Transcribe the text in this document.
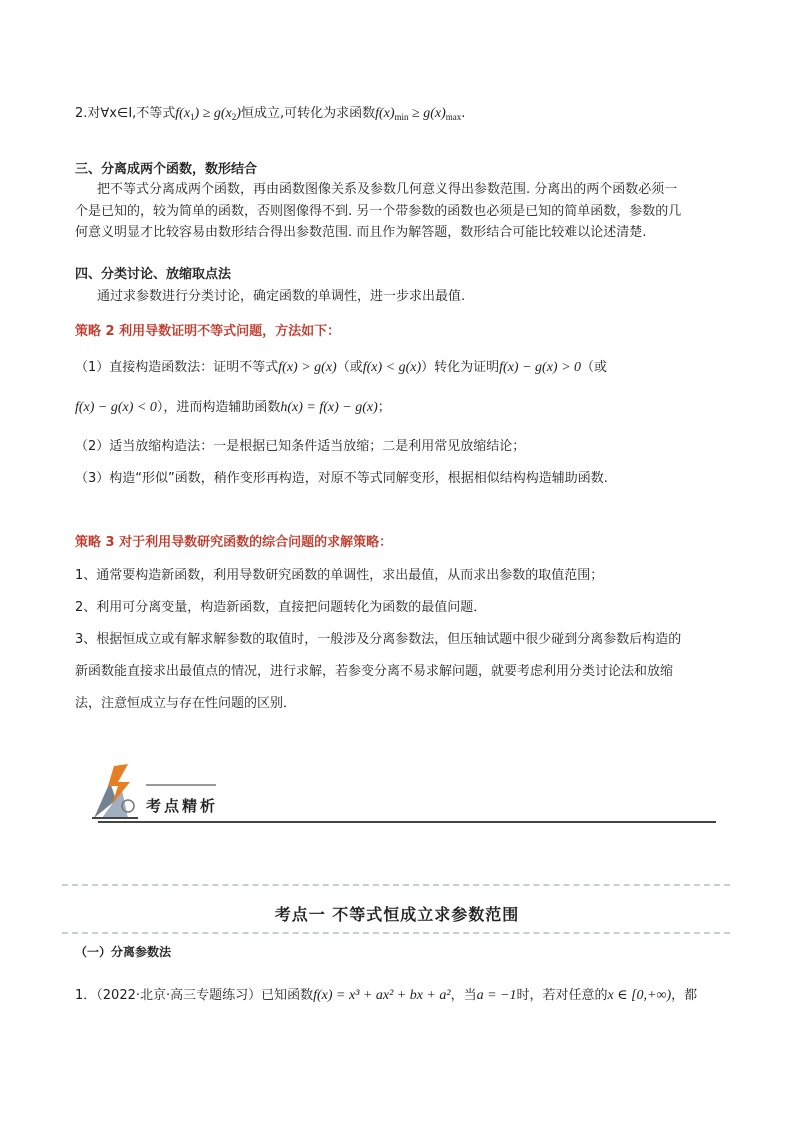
2.对∀x∈I,不等式$f(x_1) \ge g(x_2)$恒成立,可转化为求函数$f(x)_{min} \ge g(x)_{max}$.
三、分离成两个函数，数形结合
把不等式分离成两个函数，再由函数图像关系及参数几何意义得出参数范围. 分离出的两个函数必须一
个是已知的，较为简单的函数，否则图像得不到. 另一个带参数的函数也必须是已知的简单函数，参数的几
何意义明显才比较容易由数形结合得出参数范围. 而且作为解答题，数形结合可能比较难以论述清楚.
四、分类讨论、放缩取点法
通过求参数进行分类讨论，确定函数的单调性，进一步求出最值.
策略 2 利用导数证明不等式问题，方法如下：
（1）直接构造函数法：证明不等式f(x) > g(x)（或f(x) < g(x)）转化为证明f(x) − g(x) > 0（或
f(x) − g(x) < 0），进而构造辅助函数h(x) = f(x) − g(x)；
（2）适当放缩构造法：一是根据已知条件适当放缩；二是利用常见放缩结论；
（3）构造“形似”函数，稍作变形再构造，对原不等式同解变形，根据相似结构构造辅助函数.
策略 3 对于利用导数研究函数的综合问题的求解策略：
1、通常要构造新函数，利用导数研究函数的单调性，求出最值，从而求出参数的取值范围；
2、利用可分离变量，构造新函数，直接把问题转化为函数的最值问题．
3、根据恒成立或有解求解参数的取值时，一般涉及分离参数法，但压轴试题中很少碰到分离参数后构造的
新函数能直接求出最值点的情况，进行求解，若参变分离不易求解问题，就要考虑利用分类讨论法和放缩
法，注意恒成立与存在性问题的区别．
考点精析
考点一 不等式恒成立求参数范围
（一）分离参数法
1．（2022·北京·高三专题练习）已知函数f(x) = x³ + ax² + bx + a²，当a = −1时，若对任意的x ∈ [0,+∞)，都
